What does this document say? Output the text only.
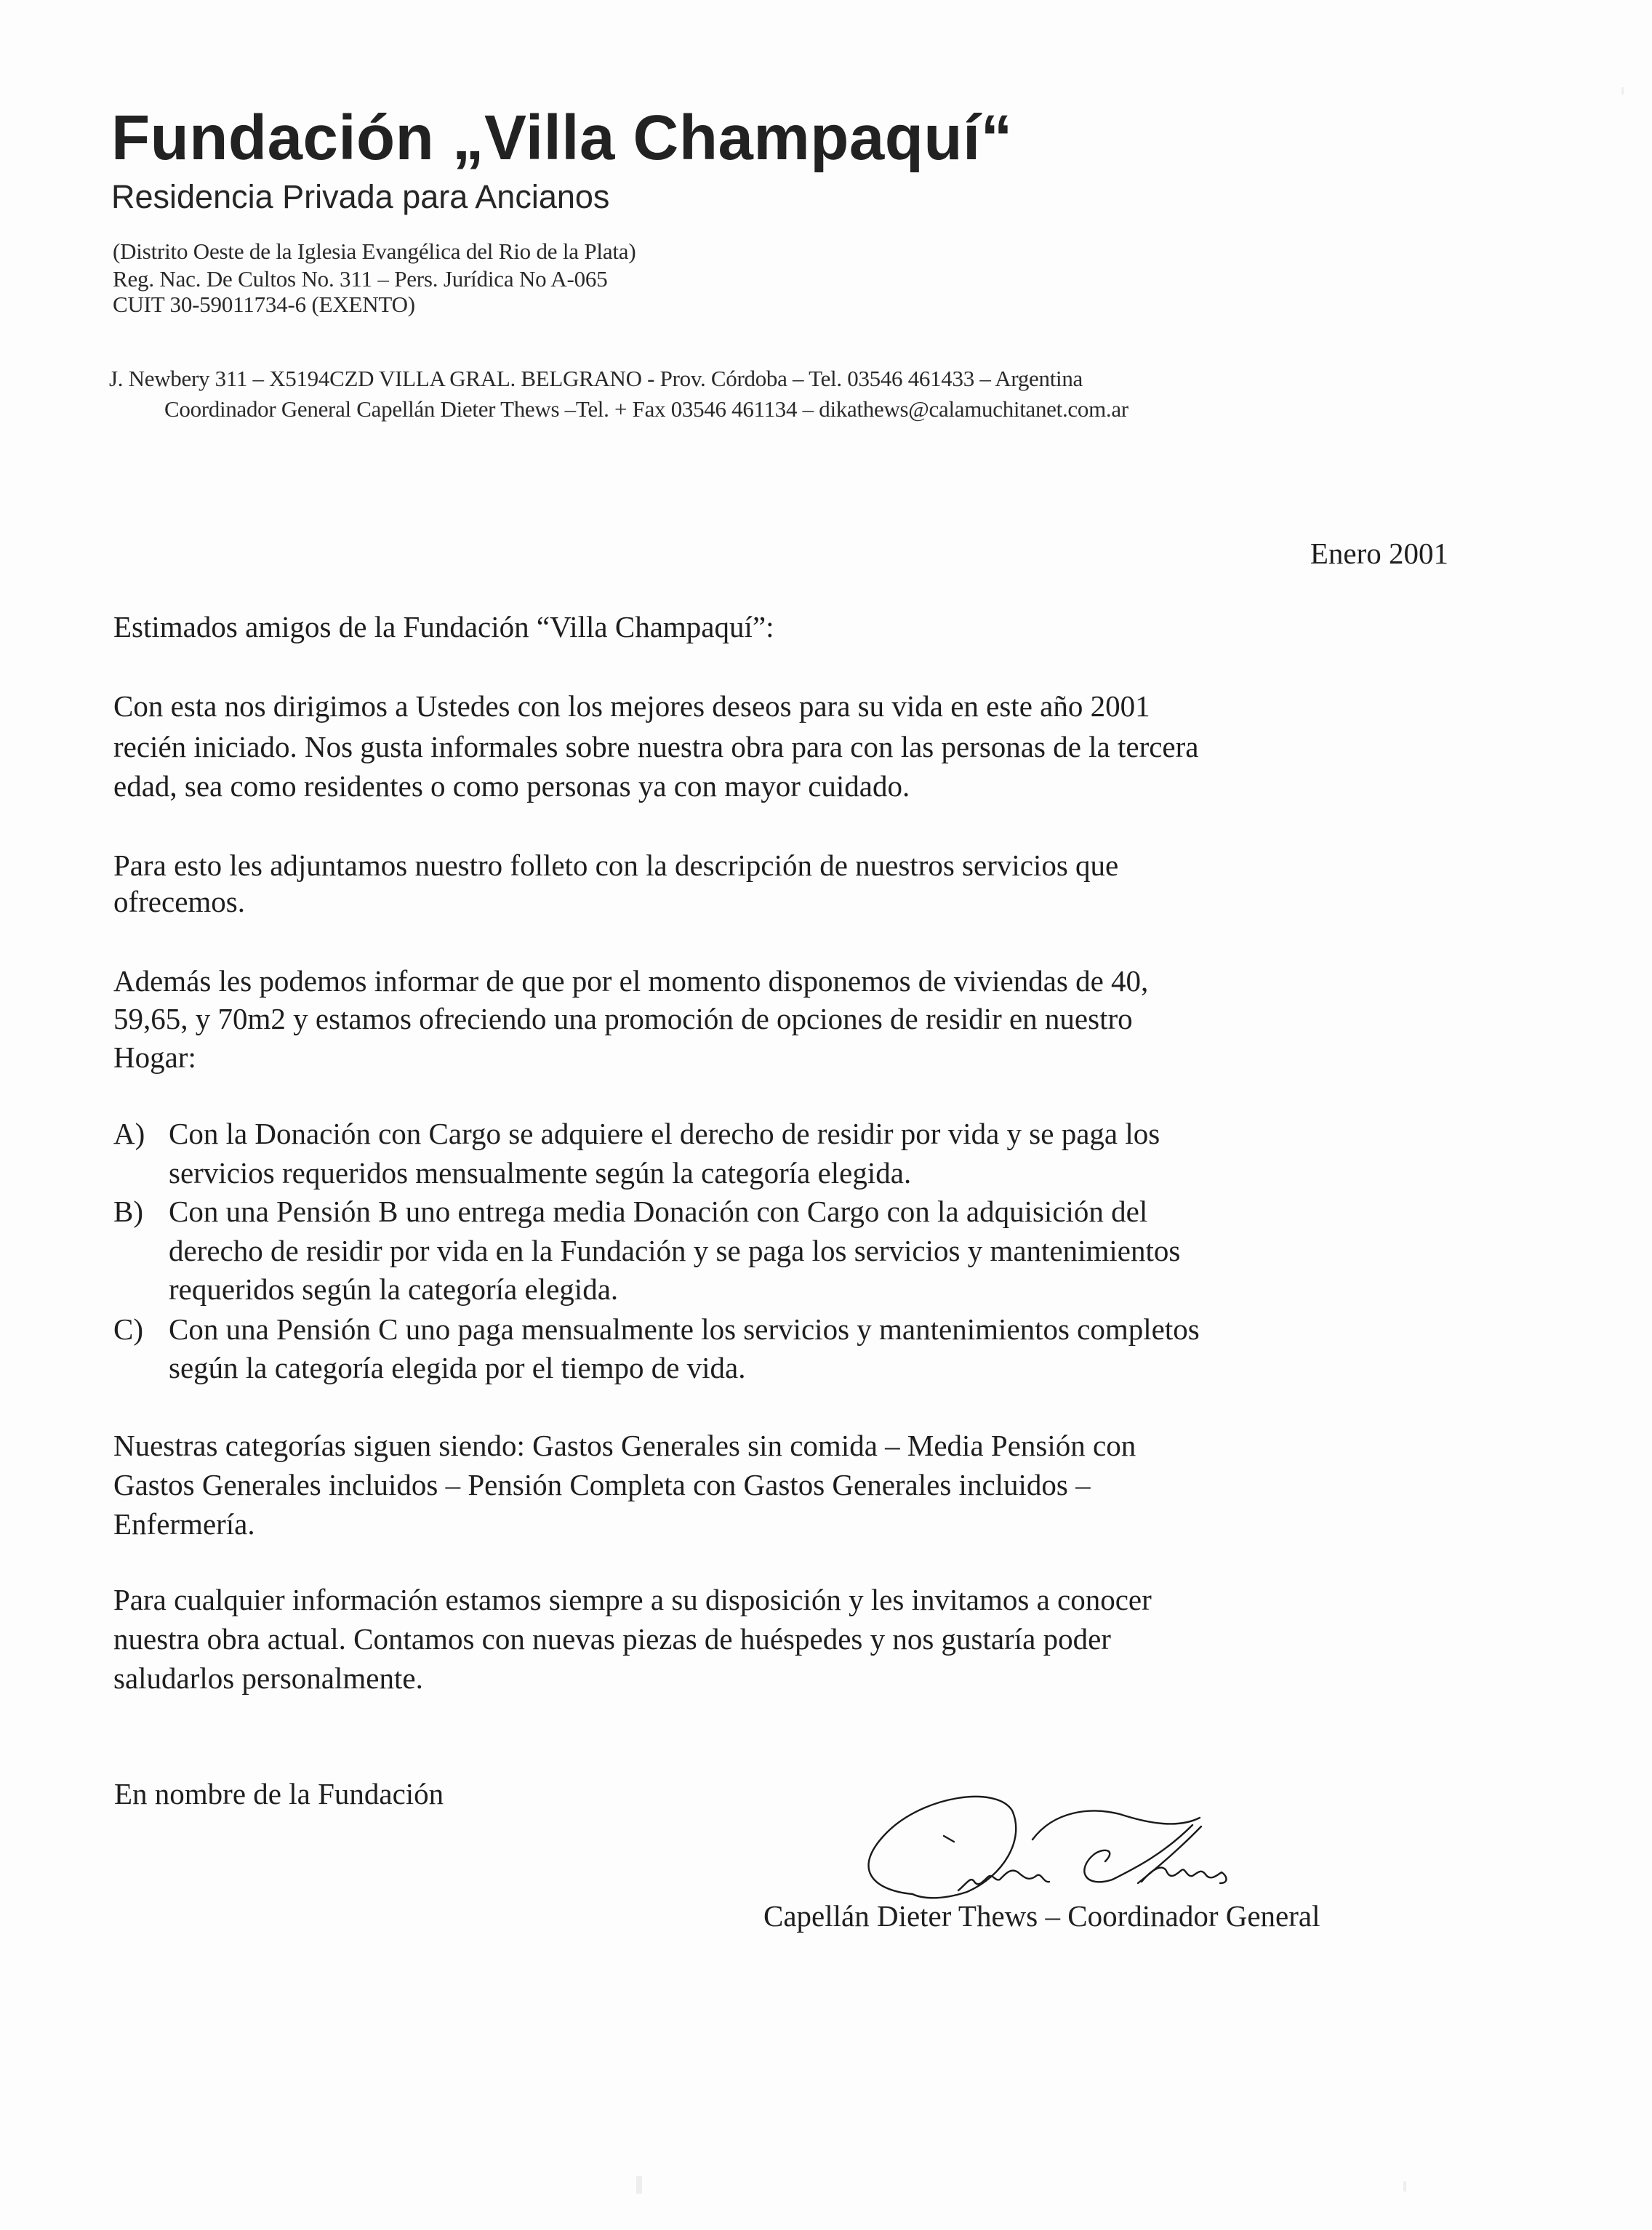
Fundación „Villa Champaquí“
Residencia Privada para Ancianos
(Distrito Oeste de la Iglesia Evangélica del Rio de la Plata)
Reg. Nac. De Cultos No. 311 – Pers. Jurídica No A-065
CUIT 30-59011734-6 (EXENTO)
J. Newbery 311 – X5194CZD VILLA GRAL. BELGRANO - Prov. Córdoba – Tel. 03546 461433 – Argentina
Coordinador General Capellán Dieter Thews –Tel. + Fax 03546 461134 – dikathews@calamuchitanet.com.ar
Enero 2001
Estimados amigos de la Fundación “Villa Champaquí”:
Con esta nos dirigimos a Ustedes con los mejores deseos para su vida en este año 2001
recién iniciado. Nos gusta informales sobre nuestra obra para con las personas de la tercera
edad, sea como residentes o como personas ya con mayor cuidado.
Para esto les adjuntamos nuestro folleto con la descripción de nuestros servicios que
ofrecemos.
Además les podemos informar de que por el momento disponemos de viviendas de 40,
59,65, y 70m2 y estamos ofreciendo una promoción de opciones de residir en nuestro
Hogar:
A) Con la Donación con Cargo se adquiere el derecho de residir por vida y se paga los
servicios requeridos mensualmente según la categoría elegida.
B) Con una Pensión B uno entrega media Donación con Cargo con la adquisición del
derecho de residir por vida en la Fundación y se paga los servicios y mantenimientos
requeridos según la categoría elegida.
C) Con una Pensión C uno paga mensualmente los servicios y mantenimientos completos
según la categoría elegida por el tiempo de vida.
Nuestras categorías siguen siendo: Gastos Generales sin comida – Media Pensión con
Gastos Generales incluidos – Pensión Completa con Gastos Generales incluidos –
Enfermería.
Para cualquier información estamos siempre a su disposición y les invitamos a conocer
nuestra obra actual. Contamos con nuevas piezas de huéspedes y nos gustaría poder
saludarlos personalmente.
En nombre de la Fundación
Capellán Dieter Thews – Coordinador General
